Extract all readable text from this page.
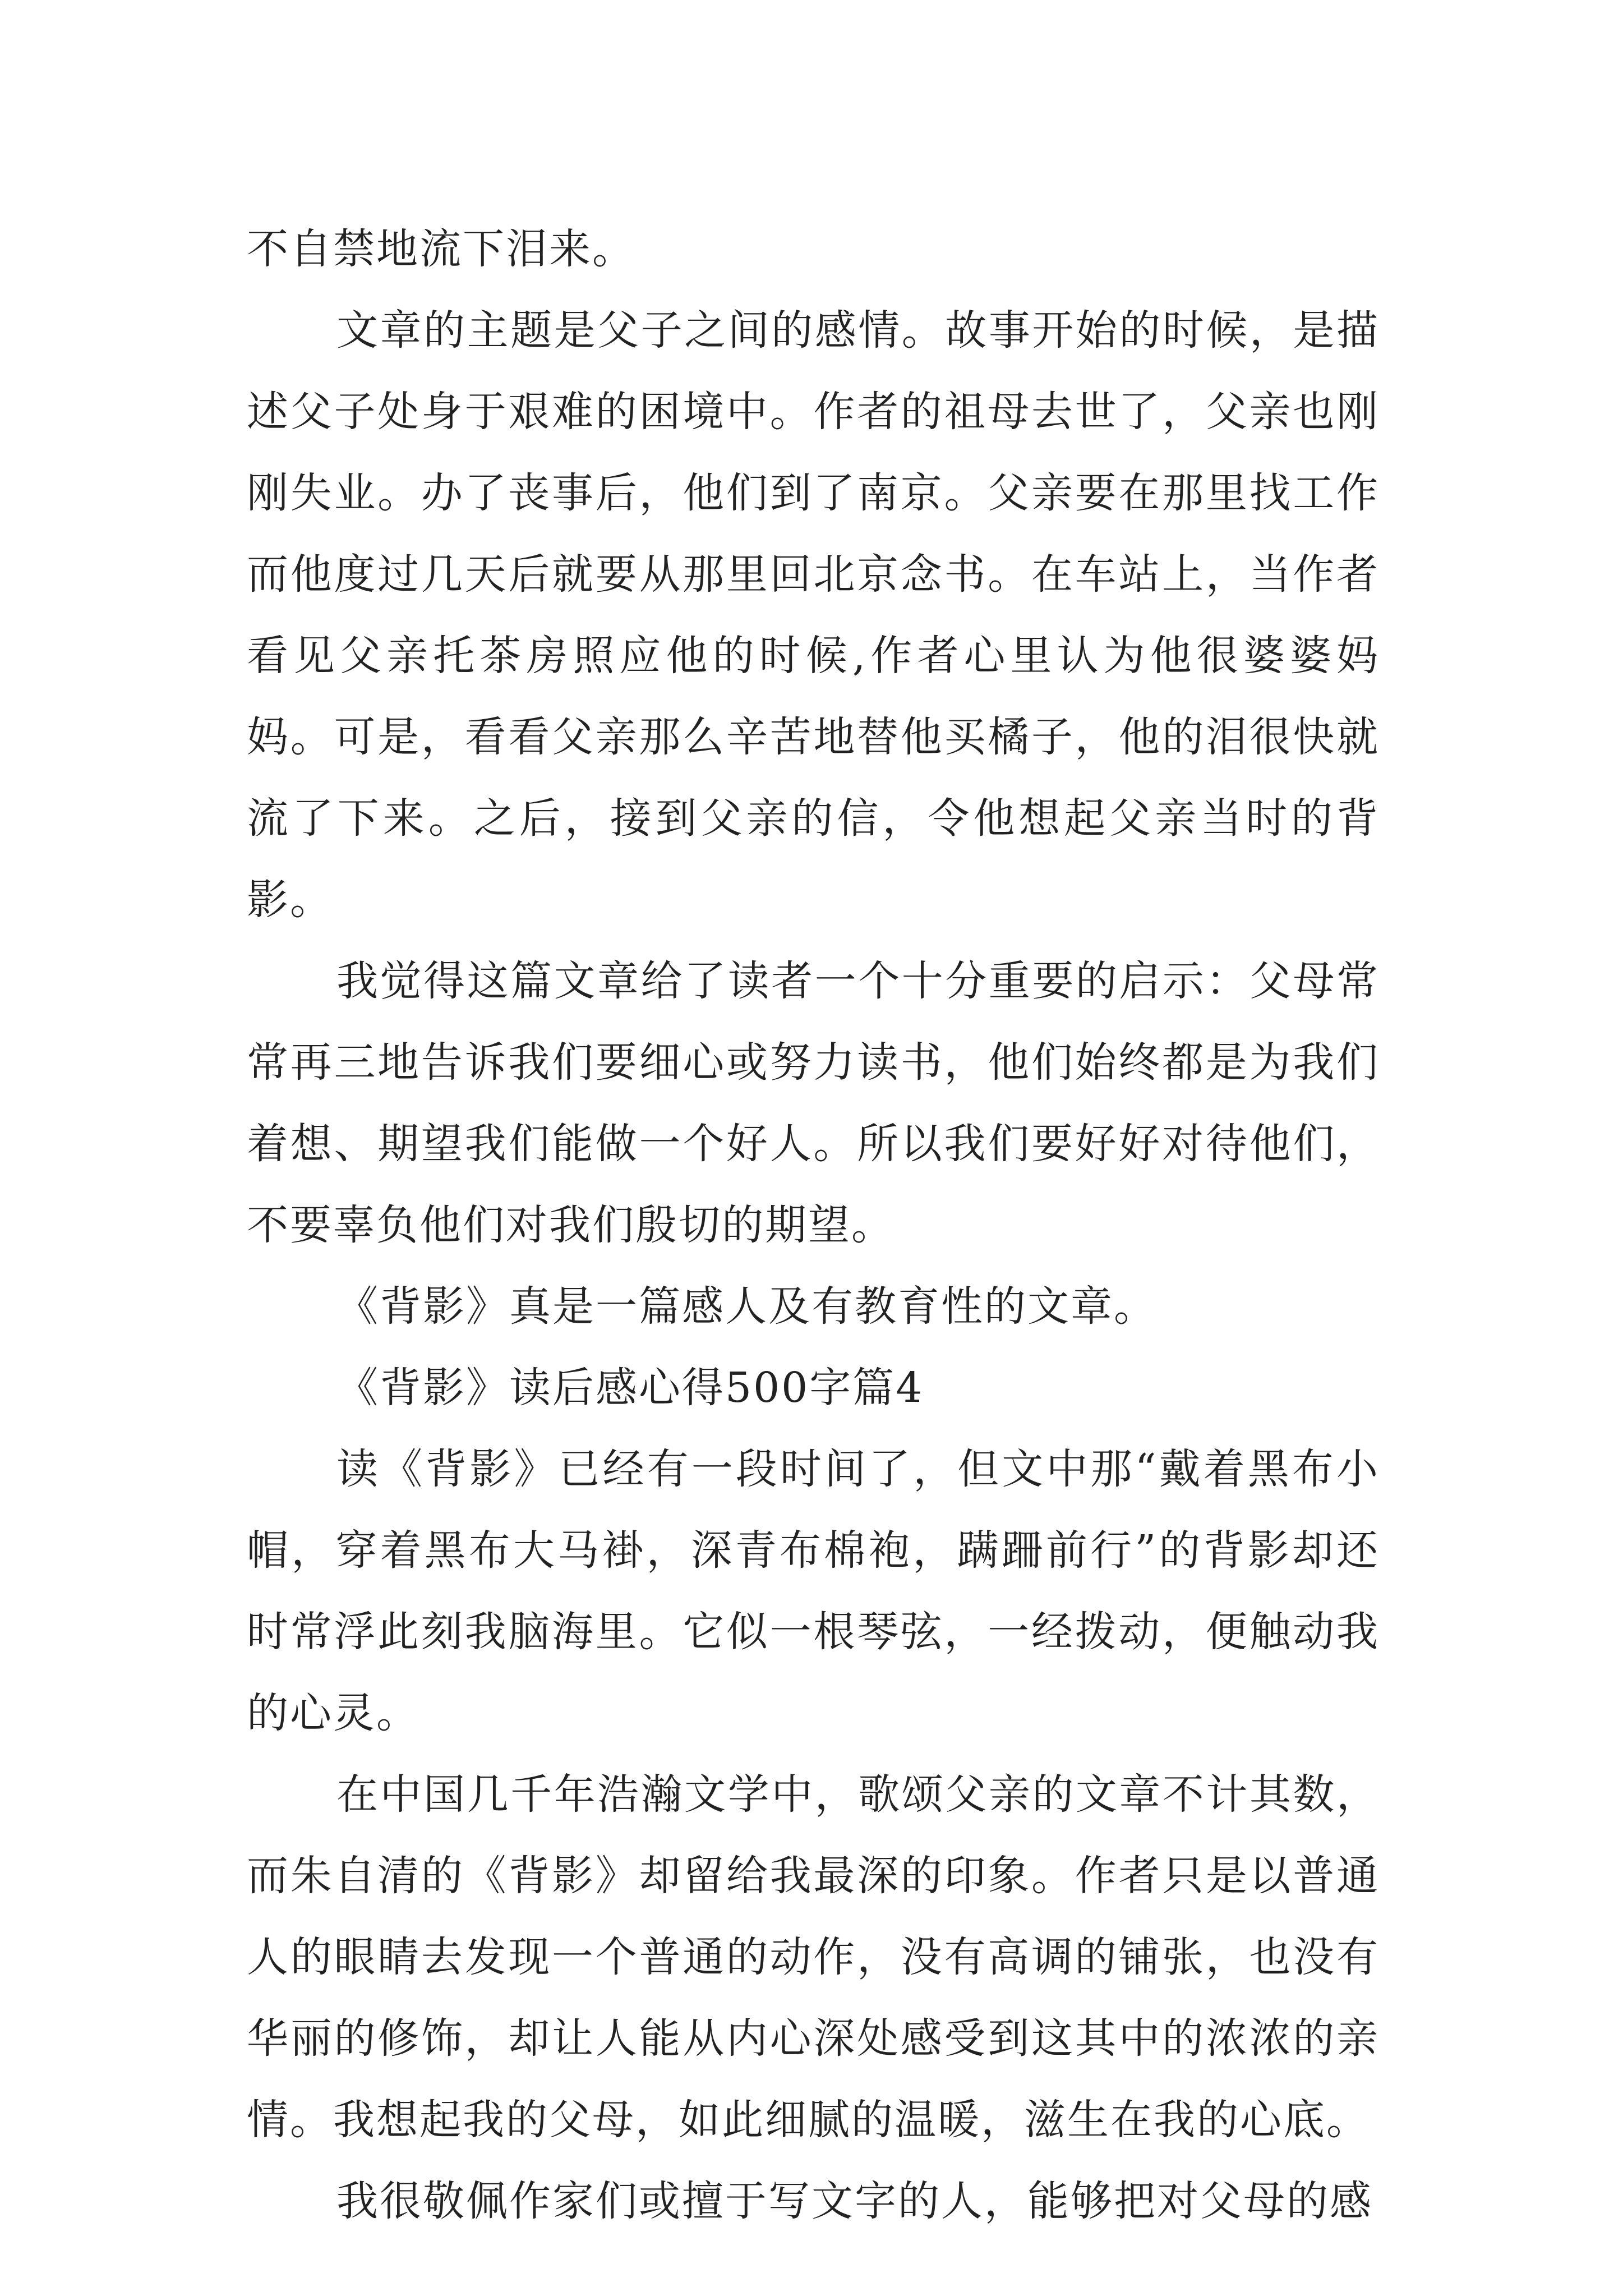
不自禁地流下泪来。

文章的主题是父子之间的感情。故事开始的时候，是描述父子处身于艰难的困境中。作者的祖母去世了，父亲也刚刚失业。办了丧事后，他们到了南京。父亲要在那里找工作而他度过几天后就要从那里回北京念书。在车站上，当作者看见父亲托茶房照应他的时候,作者心里认为他很婆婆妈妈。可是，看看父亲那么辛苦地替他买橘子，他的泪很快就流了下来。之后，接到父亲的信，令他想起父亲当时的背影。

我觉得这篇文章给了读者一个十分重要的启示：父母常常再三地告诉我们要细心或努力读书，他们始终都是为我们着想、期望我们能做一个好人。所以我们要好好对待他们，不要辜负他们对我们殷切的期望。

《背影》真是一篇感人及有教育性的文章。

《背影》读后感心得500字篇4

读《背影》已经有一段时间了，但文中那“戴着黑布小帽，穿着黑布大马褂，深青布棉袍，蹒跚前行”的背影却还时常浮此刻我脑海里。它似一根琴弦，一经拨动，便触动我的心灵。

在中国几千年浩瀚文学中，歌颂父亲的文章不计其数，而朱自清的《背影》却留给我最深的印象。作者只是以普通人的眼睛去发现一个普通的动作，没有高调的铺张，也没有华丽的修饰，却让人能从内心深处感受到这其中的浓浓的亲情。我想起我的父母，如此细腻的温暖，滋生在我的心底。

我很敬佩作家们或擅于写文字的人，能够把对父母的感
